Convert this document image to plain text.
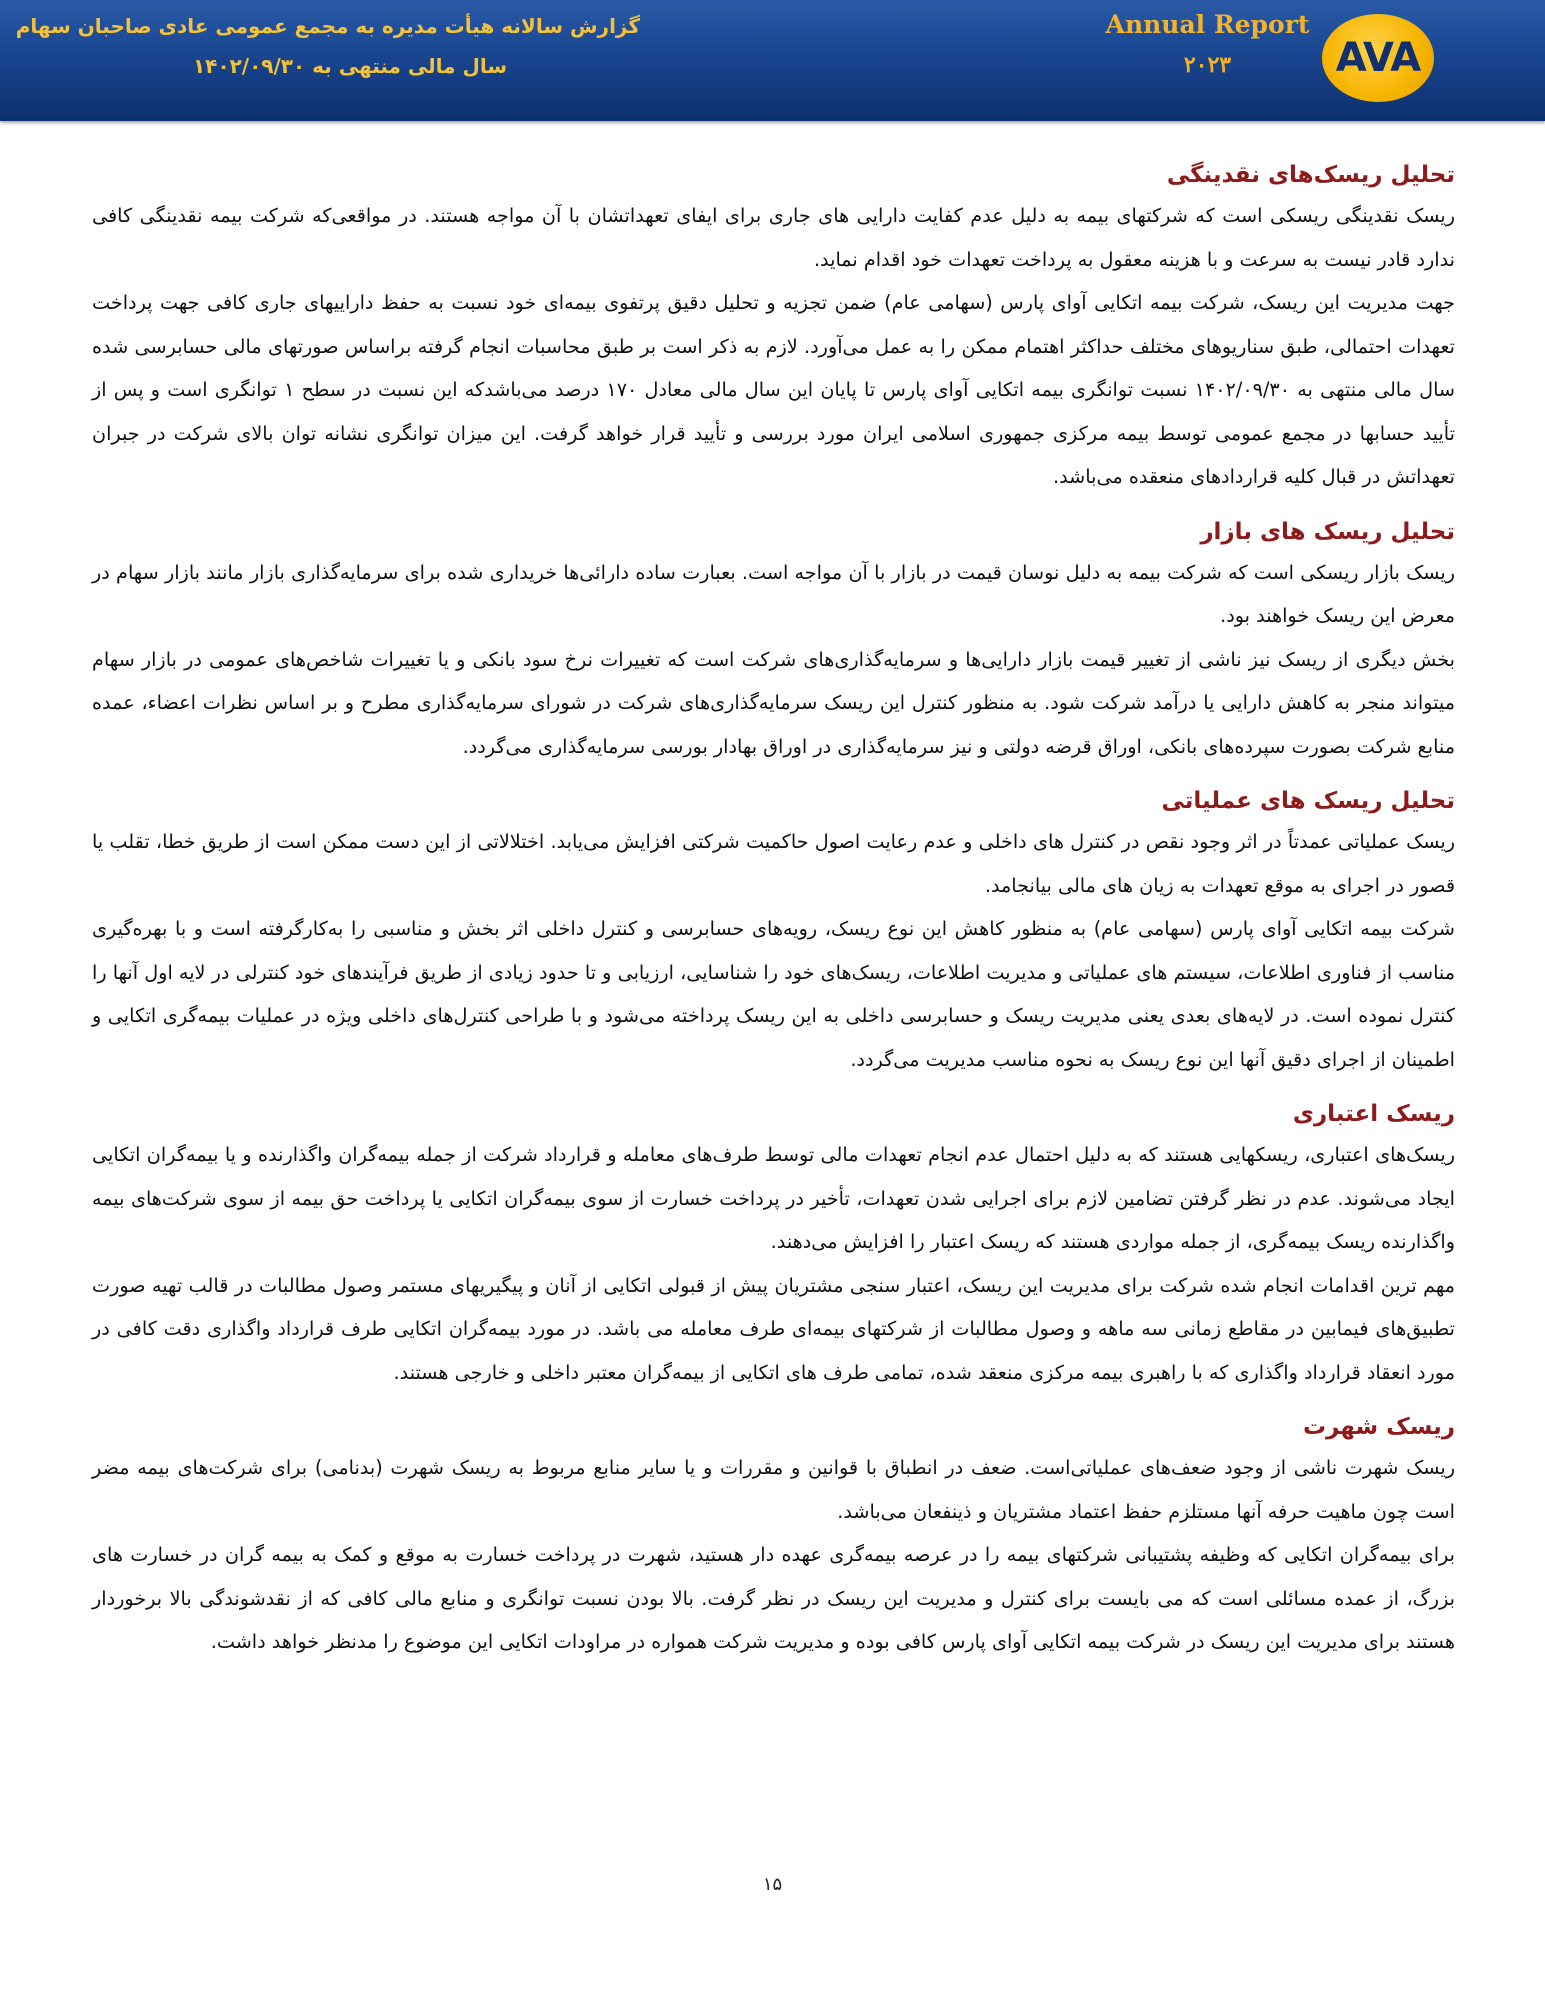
گزارش سالانه هیأت مدیره به مجمع عمومی عادی صاحبان سهام
سال مالی منتهی به ۱۴۰۲/۰۹/۳۰
Annual Report
۲۰۲۳	AVA
تحلیل ریسک‌های نقدینگی

ریسک نقدینگی ریسکی است که شرکتهای بیمه به دلیل عدم کفایت دارایی های جاری برای ایفای تعهداتشان با آن مواجه هستند. در مواقعی‌که شرکت بیمه نقدینگی کافی ندارد قادر نیست به سرعت و با هزینه معقول به پرداخت تعهدات خود اقدام نماید.

جهت مدیریت این ریسک، شرکت بیمه اتکایی آوای پارس (سهامی عام) ضمن تجزیه و تحلیل دقیق پرتفوی بیمه‌ای خود نسبت به حفظ داراییهای جاری کافی جهت پرداخت تعهدات احتمالی، طبق سناریوهای مختلف حداکثر اهتمام ممکن را به عمل می‌آورد. لازم به ذکر است بر طبق محاسبات انجام گرفته براساس صورتهای مالی حسابرسی شده سال مالی منتهی به ۱۴۰۲/۰۹/۳۰ نسبت توانگری بیمه اتکایی آوای پارس تا پایان این سال مالی معادل ۱۷۰ درصد می‌باشدکه این نسبت در سطح ۱ توانگری است و پس از تأیید حسابها در مجمع عمومی توسط بیمه مرکزی جمهوری اسلامی ایران مورد بررسی و تأیید قرار خواهد گرفت. این میزان توانگری نشانه توان بالای شرکت در جبران تعهداتش در قبال کلیه قراردادهای منعقده می‌باشد.

تحلیل ریسک های بازار

ریسک بازار ریسکی است که شرکت بیمه به دلیل نوسان قیمت در بازار با آن مواجه است. بعبارت ساده دارائی‌ها خریداری شده برای سرمایه‌گذاری بازار مانند بازار سهام در معرض این ریسک خواهند بود.

بخش دیگری از ریسک نیز ناشی از تغییر قیمت بازار دارایی‌ها و سرمایه‌گذاری‌های شرکت است که تغییرات نرخ سود بانکی و یا تغییرات شاخص‌های عمومی در بازار سهام میتواند منجر به کاهش دارایی یا درآمد شرکت شود. به منظور کنترل این ریسک سرمایه‌گذاری‌های شرکت در شورای سرمایه‌گذاری مطرح و بر اساس نظرات اعضاء، عمده منابع شرکت بصورت سپرده‌های بانکی، اوراق قرضه دولتی و نیز سرمایه‌گذاری در اوراق بهادار بورسی سرمایه‌گذاری می‌گردد.

تحلیل ریسک های عملیاتی

ریسک عملیاتی عمدتاً در اثر وجود نقص در کنترل های داخلی و عدم رعایت اصول حاکمیت شرکتی افزایش می‌یابد. اختلالاتی از این دست ممکن است از طریق خطا، تقلب یا قصور در اجرای به موقع تعهدات به زیان های مالی بیانجامد.

شرکت بیمه اتکایی آوای پارس (سهامی عام) به منظور کاهش این نوع ریسک، رویه‌های حسابرسی و کنترل داخلی اثر بخش و مناسبی را به‌کارگرفته است و با بهره‌گیری مناسب از فناوری اطلاعات، سیستم های عملیاتی و مدیریت اطلاعات، ریسک‌های خود را شناسایی، ارزیابی و تا حدود زیادی از طریق فرآیندهای خود کنترلی در لایه اول آنها را کنترل نموده است. در لایه‌های بعدی یعنی مدیریت ریسک و حسابرسی داخلی به این ریسک پرداخته می‌شود و با طراحی کنترل‌های داخلی ویژه در عملیات بیمه‌گری اتکایی و اطمینان از اجرای دقیق آنها این نوع ریسک به نحوه مناسب مدیریت می‌گردد.

ریسک اعتباری

ریسک‌های اعتباری، ریسکهایی هستند که به دلیل احتمال عدم انجام تعهدات مالی توسط طرف‌های معامله و قرارداد شرکت از جمله بیمه‌گران واگذارنده و یا بیمه‌گران اتکایی ایجاد می‌شوند. عدم در نظر گرفتن تضامین لازم برای اجرایی شدن تعهدات، تأخیر در پرداخت خسارت از سوی بیمه‌گران اتکایی یا پرداخت حق بیمه از سوی شرکت‌های بیمه واگذارنده ریسک بیمه‌گری، از جمله مواردی هستند که ریسک اعتبار را افزایش می‌دهند.

مهم ترین اقدامات انجام شده شرکت برای مدیریت این ریسک، اعتبار سنجی مشتریان پیش از قبولی اتکایی از آنان و پیگیریهای مستمر وصول مطالبات در قالب تهیه صورت تطبیق‌های فیمابین در مقاطع زمانی سه ماهه و وصول مطالبات از شرکتهای بیمه‌ای طرف معامله می باشد. در مورد بیمه‌گران اتکایی طرف قرارداد واگذاری دقت کافی در مورد انعقاد قرارداد واگذاری که با راهبری بیمه مرکزی منعقد شده، تمامی طرف های اتکایی از بیمه‌گران معتبر داخلی و خارجی هستند.

ریسک شهرت

ریسک شهرت ناشی از وجود ضعف‌های عملیاتی‌است. ضعف در انطباق با قوانین و مقررات و یا سایر منابع مربوط به ریسک شهرت (بدنامی) برای شرکت‌های بیمه مضر است چون ماهیت حرفه آنها مستلزم حفظ اعتماد مشتریان و ذینفعان می‌باشد.

برای بیمه‌گران اتکایی که وظیفه پشتیبانی شرکتهای بیمه را در عرصه بیمه‌گری عهده دار هستید، شهرت در پرداخت خسارت به موقع و کمک به بیمه گران در خسارت های بزرگ، از عمده مسائلی است که می بایست برای کنترل و مدیریت این ریسک در نظر گرفت. بالا بودن نسبت توانگری و منابع مالی کافی که از نقدشوندگی بالا برخوردار هستند برای مدیریت این ریسک در شرکت بیمه اتکایی آوای پارس کافی بوده و مدیریت شرکت همواره در مراودات اتکایی این موضوع را مدنظر خواهد داشت.

۱۵
